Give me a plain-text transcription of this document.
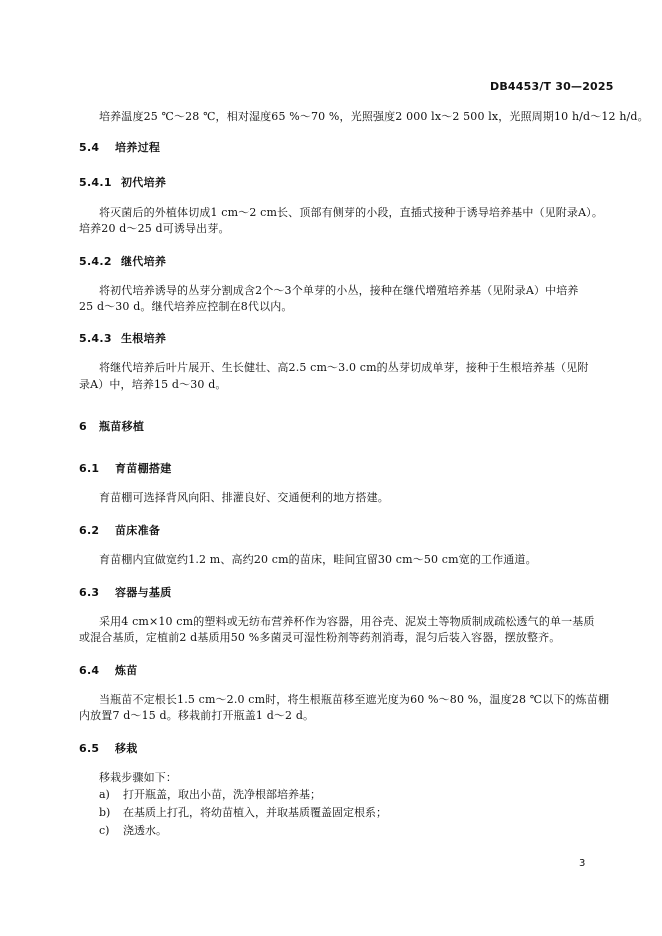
DB4453/T 30—2025
培养温度25 ℃～28 ℃，相对湿度65 %～70 %，光照强度2 000 lx～2 500 lx，光照周期10 h/d～12 h/d。
5.4 培养过程
5.4.1 初代培养
将灭菌后的外植体切成1 cm～2 cm长、顶部有侧芽的小段，直插式接种于诱导培养基中（见附录A）。
培养20 d～25 d可诱导出芽。
5.4.2 继代培养
将初代培养诱导的丛芽分割成含2个～3个单芽的小丛，接种在继代增殖培养基（见附录A）中培养
25 d～30 d。继代培养应控制在8代以内。
5.4.3 生根培养
将继代培养后叶片展开、生长健壮、高2.5 cm～3.0 cm的丛芽切成单芽，接种于生根培养基（见附
录A）中，培养15 d～30 d。
6 瓶苗移植
6.1 育苗棚搭建
育苗棚可选择背风向阳、排灌良好、交通便利的地方搭建。
6.2 苗床准备
育苗棚内宜做宽约1.2 m、高约20 cm的苗床，畦间宜留30 cm～50 cm宽的工作通道。
6.3 容器与基质
采用4 cm×10 cm的塑料或无纺布营养杯作为容器，用谷壳、泥炭土等物质制成疏松透气的单一基质
或混合基质，定植前2 d基质用50 %多菌灵可湿性粉剂等药剂消毒，混匀后装入容器，摆放整齐。
6.4 炼苗
当瓶苗不定根长1.5 cm～2.0 cm时，将生根瓶苗移至遮光度为60 %～80 %，温度28 ℃以下的炼苗棚
内放置7 d～15 d。移栽前打开瓶盖1 d～2 d。
6.5 移栽
移栽步骤如下：
a) 打开瓶盖，取出小苗，洗净根部培养基；
b) 在基质上打孔，将幼苗植入，并取基质覆盖固定根系；
c) 浇透水。
3
